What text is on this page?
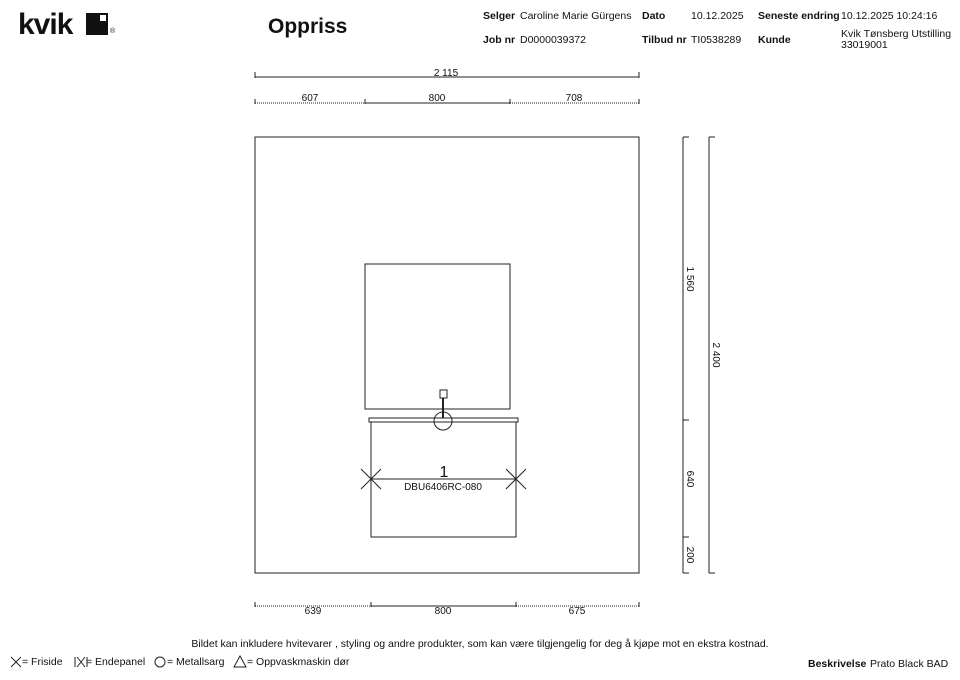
kvik	®	Oppriss	Selger Caroline Marie Gürgens
Job nr D0000039372
Dato 10.12.2025
Tilbud nr TI0538289
Seneste endring 10.12.2025 10:24:16
Kunde	Kvik Tønsberg Utstilling
33019001
2 115
607	800	708
639	800	675
1 560
640
200
2 400
1
DBU6406RC-080
Bildet kan inkludere hvitevarer , styling og andre produkter, som kan være tilgjengelig for deg å kjøpe mot en ekstra kostnad.
= Friside = Endepanel = Metallsarg = Oppvaskmaskin dør	Beskrivelse Prato Black BAD
